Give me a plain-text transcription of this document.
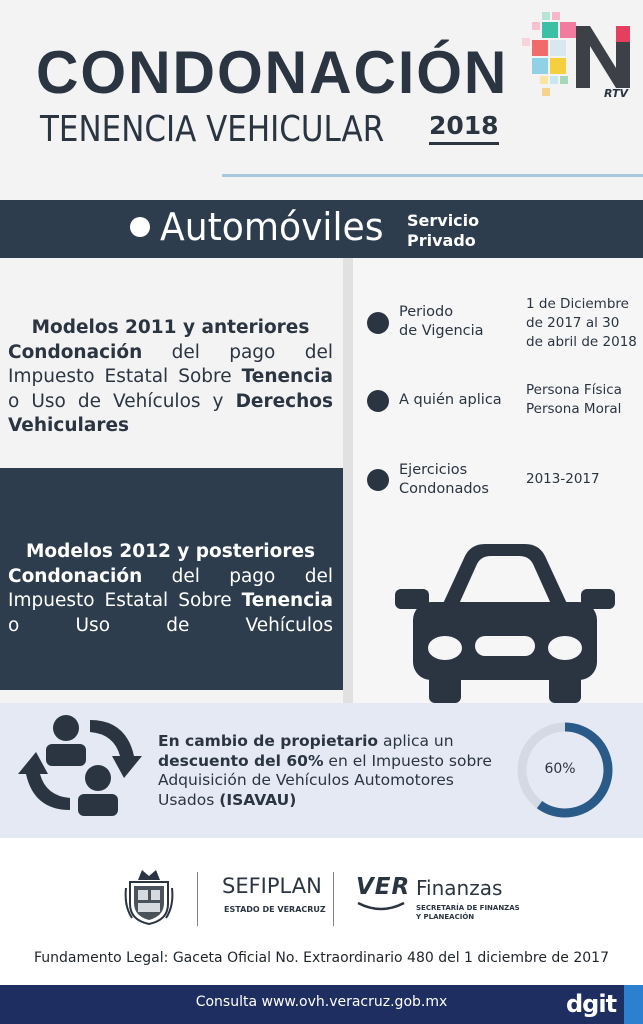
CONDONACIÓN
TENENCIA VEHICULAR 2018
RTV
Automóviles Servicio
Privado

Modelos 2011 y anteriores
Condonación del pago del Impuesto Estatal Sobre Tenencia o Uso de Vehículos y Derechos Vehiculares

Modelos 2012 y posteriores
Condonación del pago del Impuesto Estatal Sobre Tenencia o Uso de Vehículos

Periodo
de Vigencia
1 de Diciembre
de 2017 al 30
de abril de 2018
A quién aplica
Persona Física
Persona Moral
Ejercicios
Condonados
2013-2017

En cambio de propietario aplica un descuento del 60% en el Impuesto sobre Adquisición de Vehículos Automotores Usados (ISAVAU)

60%
SEFIPLAN
ESTADO DE VERACRUZ
VER Finanzas
SECRETARÍA DE FINANZAS
Y PLANEACIÓN
Fundamento Legal: Gaceta Oficial No. Extraordinario 480 del 1 diciembre de 2017
Consulta www.ovh.veracruz.gob.mx	dgit
